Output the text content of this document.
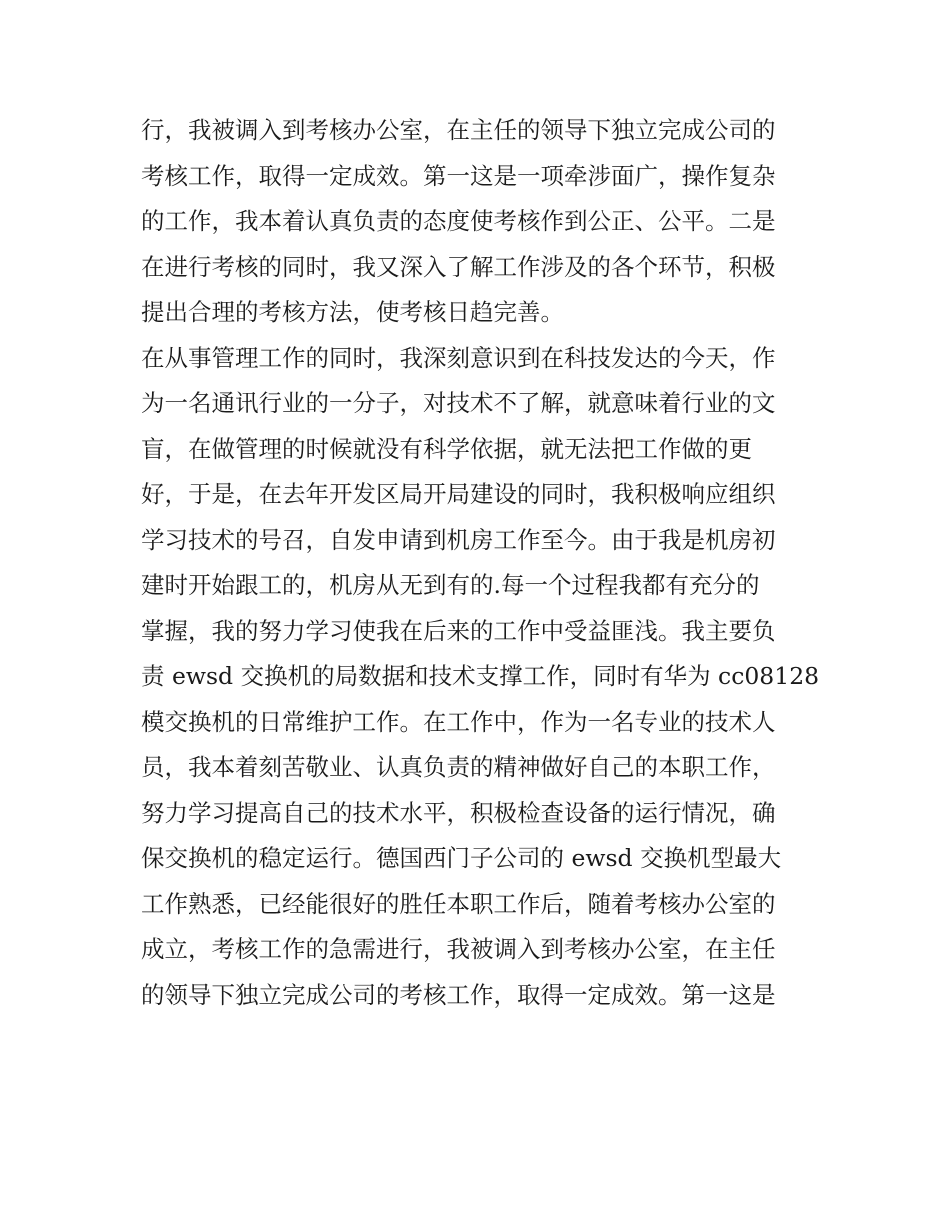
行，我被调入到考核办公室，在主任的领导下独立完成公司的
考核工作，取得一定成效。第一这是一项牵涉面广，操作复杂
的工作，我本着认真负责的态度使考核作到公正、公平。二是
在进行考核的同时，我又深入了解工作涉及的各个环节，积极
提出合理的考核方法，使考核日趋完善。
在从事管理工作的同时，我深刻意识到在科技发达的今天，作
为一名通讯行业的一分子，对技术不了解，就意味着行业的文
盲，在做管理的时候就没有科学依据，就无法把工作做的更
好，于是，在去年开发区局开局建设的同时，我积极响应组织
学习技术的号召，自发申请到机房工作至今。由于我是机房初
建时开始跟工的，机房从无到有的.每一个过程我都有充分的
掌握，我的努力学习使我在后来的工作中受益匪浅。我主要负
责 ewsd 交换机的局数据和技术支撑工作，同时有华为 cc08128
模交换机的日常维护工作。在工作中，作为一名专业的技术人
员，我本着刻苦敬业、认真负责的精神做好自己的本职工作，
努力学习提高自己的技术水平，积极检查设备的运行情况，确
保交换机的稳定运行。德国西门子公司的 ewsd 交换机型最大
工作熟悉，已经能很好的胜任本职工作后，随着考核办公室的
成立，考核工作的急需进行，我被调入到考核办公室，在主任
的领导下独立完成公司的考核工作，取得一定成效。第一这是
